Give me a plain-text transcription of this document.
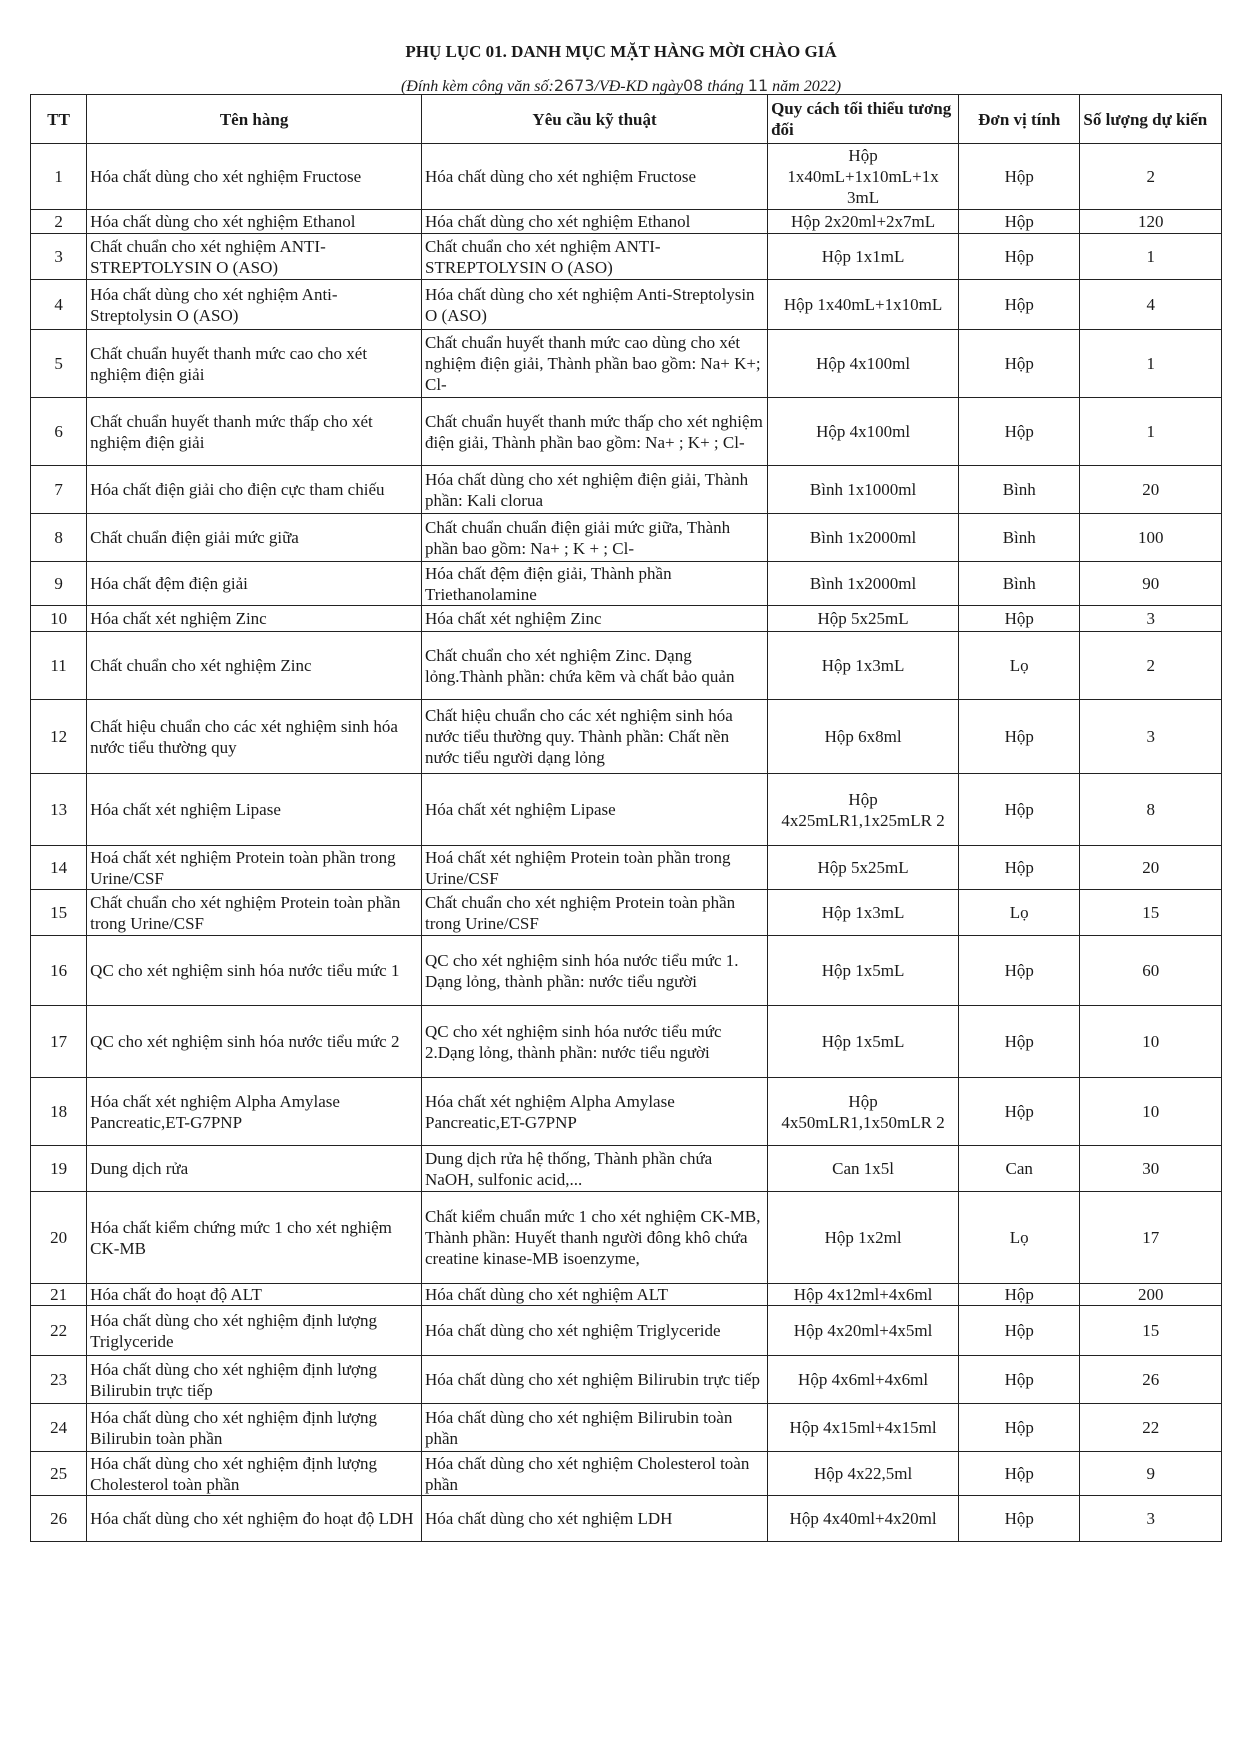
PHỤ LỤC 01. DANH MỤC MẶT HÀNG MỜI CHÀO GIÁ
(Đính kèm công văn số:2673/VĐ-KD ngày08 tháng 11 năm 2022)
TT	Tên hàng	Yêu cầu kỹ thuật	Quy cách tối thiểu tương đối	Đơn vị tính	Số lượng dự kiến
1	Hóa chất dùng cho xét nghiệm Fructose	Hóa chất dùng cho xét nghiệm Fructose	Hộp 1x40mL+1x10mL+1x 3mL	Hộp	2
2	Hóa chất dùng cho xét nghiệm Ethanol	Hóa chất dùng cho xét nghiệm Ethanol	Hộp 2x20ml+2x7mL	Hộp	120
3	Chất chuẩn cho xét nghiệm ANTI-STREPTOLYSIN O (ASO)	Chất chuẩn cho xét nghiệm ANTI-STREPTOLYSIN O (ASO)	Hộp 1x1mL	Hộp	1
4	Hóa chất dùng cho xét nghiệm Anti-Streptolysin O (ASO)	Hóa chất dùng cho xét nghiệm Anti-Streptolysin O (ASO)	Hộp 1x40mL+1x10mL	Hộp	4
5	Chất chuẩn huyết thanh mức cao cho xét nghiệm điện giải	Chất chuẩn huyết thanh mức cao dùng cho xét nghiệm điện giải, Thành phần bao gồm: Na+ K+; Cl-	Hộp 4x100ml	Hộp	1
6	Chất chuẩn huyết thanh mức thấp cho xét nghiệm điện giải	Chất chuẩn huyết thanh mức thấp cho xét nghiệm điện giải, Thành phần bao gồm: Na+ ; K+ ; Cl-	Hộp 4x100ml	Hộp	1
7	Hóa chất điện giải cho điện cực tham chiếu	Hóa chất dùng cho xét nghiệm điện giải, Thành phần: Kali clorua	Bình 1x1000ml	Bình	20
8	Chất chuẩn điện giải mức giữa	Chất chuẩn chuẩn điện giải mức giữa, Thành phần bao gồm: Na+ ; K + ; Cl-	Bình 1x2000ml	Bình	100
9	Hóa chất đệm điện giải	Hóa chất đệm điện giải, Thành phần Triethanolamine	Bình 1x2000ml	Bình	90
10	Hóa chất xét nghiệm Zinc	Hóa chất xét nghiệm Zinc	Hộp 5x25mL	Hộp	3
11	Chất chuẩn cho xét nghiệm Zinc	Chất chuẩn cho xét nghiệm Zinc. Dạng lỏng.Thành phần: chứa kẽm và chất bảo quản	Hộp 1x3mL	Lọ	2
12	Chất hiệu chuẩn cho các xét nghiệm sinh hóa nước tiểu thường quy	Chất hiệu chuẩn cho các xét nghiệm sinh hóa nước tiểu thường quy. Thành phần: Chất nền nước tiểu người dạng lỏng	Hộp 6x8ml	Hộp	3
13	Hóa chất xét nghiệm Lipase	Hóa chất xét nghiệm Lipase	Hộp 4x25mLR1,1x25mLR 2	Hộp	8
14	Hoá chất xét nghiệm Protein toàn phần trong Urine/CSF	Hoá chất xét nghiệm Protein toàn phần trong Urine/CSF	Hộp 5x25mL	Hộp	20
15	Chất chuẩn cho xét nghiệm Protein toàn phần trong Urine/CSF	Chất chuẩn cho xét nghiệm Protein toàn phần trong Urine/CSF	Hộp 1x3mL	Lọ	15
16	QC cho xét nghiệm sinh hóa nước tiểu mức 1	QC cho xét nghiệm sinh hóa nước tiểu mức 1. Dạng lỏng, thành phần: nước tiểu người	Hộp 1x5mL	Hộp	60
17	QC cho xét nghiệm sinh hóa nước tiểu mức 2	QC cho xét nghiệm sinh hóa nước tiểu mức 2.Dạng lỏng, thành phần: nước tiểu người	Hộp 1x5mL	Hộp	10
18	Hóa chất xét nghiệm Alpha Amylase Pancreatic,ET-G7PNP	Hóa chất xét nghiệm Alpha Amylase Pancreatic,ET-G7PNP	Hộp 4x50mLR1,1x50mLR 2	Hộp	10
19	Dung dịch rửa	Dung dịch rửa hệ thống, Thành phần chứa NaOH, sulfonic acid,...	Can 1x5l	Can	30
20	Hóa chất kiểm chứng mức 1 cho xét nghiệm CK-MB	Chất kiểm chuẩn mức 1 cho xét nghiệm CK-MB, Thành phần: Huyết thanh người đông khô chứa creatine kinase-MB isoenzyme,	Hộp 1x2ml	Lọ	17
21	Hóa chất đo hoạt độ ALT	Hóa chất dùng cho xét nghiệm ALT	Hộp 4x12ml+4x6ml	Hộp	200
22	Hóa chất dùng cho xét nghiệm định lượng Triglyceride	Hóa chất dùng cho xét nghiệm Triglyceride	Hộp 4x20ml+4x5ml	Hộp	15
23	Hóa chất dùng cho xét nghiệm định lượng Bilirubin trực tiếp	Hóa chất dùng cho xét nghiệm Bilirubin trực tiếp	Hộp 4x6ml+4x6ml	Hộp	26
24	Hóa chất dùng cho xét nghiệm định lượng Bilirubin toàn phần	Hóa chất dùng cho xét nghiệm Bilirubin toàn phần	Hộp 4x15ml+4x15ml	Hộp	22
25	Hóa chất dùng cho xét nghiệm định lượng Cholesterol toàn phần	Hóa chất dùng cho xét nghiệm Cholesterol toàn phần	Hộp 4x22,5ml	Hộp	9
26	Hóa chất dùng cho xét nghiệm đo hoạt độ LDH	Hóa chất dùng cho xét nghiệm LDH	Hộp 4x40ml+4x20ml	Hộp	3
